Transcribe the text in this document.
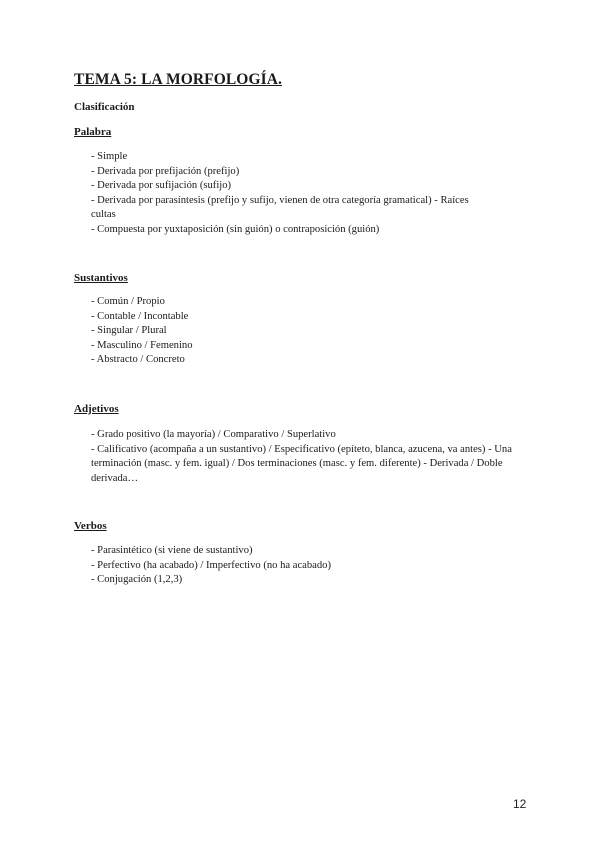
TEMA 5: LA MORFOLOGÍA.
Clasificación
Palabra
- Simple
- Derivada por prefijación (prefijo)
- Derivada por sufijación (sufijo)
- Derivada por parasíntesis (prefijo y sufijo, vienen de otra categoría gramatical) - Raíces cultas
- Compuesta por yuxtaposición (sin guión) o contraposición (guión)
Sustantivos
- Común / Propio
- Contable / Incontable
- Singular / Plural
- Masculino / Femenino
- Abstracto / Concreto
Adjetivos
- Grado positivo (la mayoría) / Comparativo / Superlativo
- Calificativo (acompaña a un sustantivo) / Especificativo (epíteto, blanca, azucena, va antes) - Una terminación (masc. y fem. igual) / Dos terminaciones (masc. y fem. diferente) - Derivada / Doble derivada…
Verbos
- Parasintético (si viene de sustantivo)
- Perfectivo (ha acabado) / Imperfectivo (no ha acabado)
- Conjugación (1,2,3)
12
